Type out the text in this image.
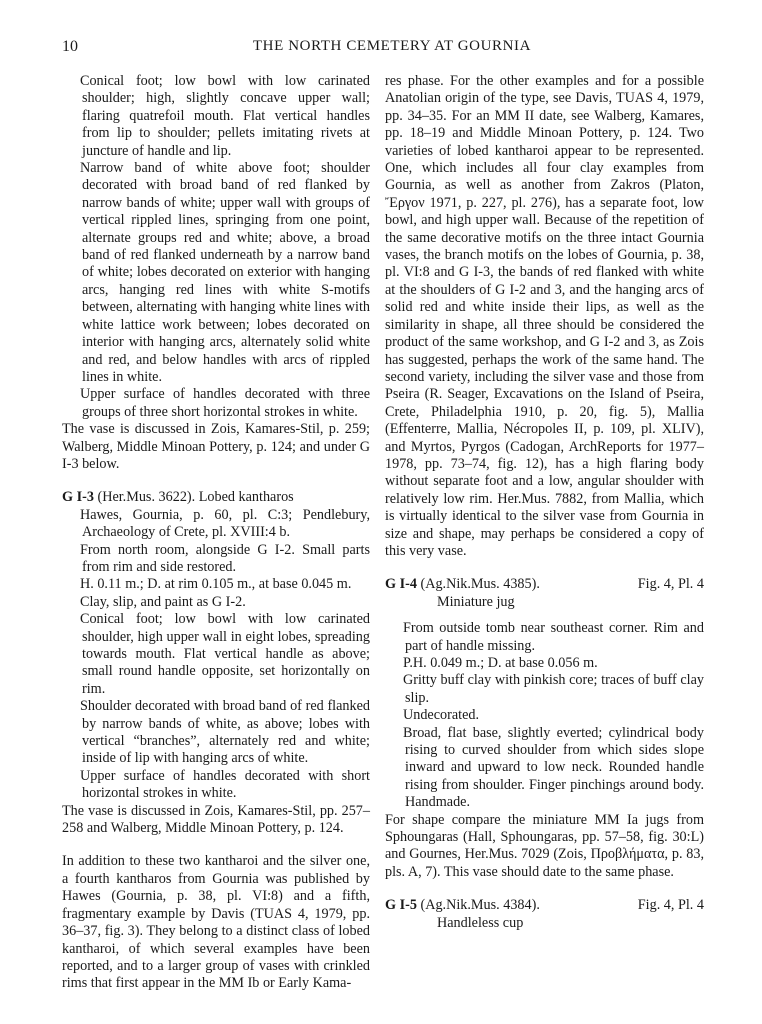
10	THE NORTH CEMETERY AT GOURNIA

Conical foot; low bowl with low carinated shoulder; high, slightly concave upper wall; flaring quatrefoil mouth. Flat vertical handles from lip to shoulder; pellets imitating rivets at juncture of handle and lip.

Narrow band of white above foot; shoulder decorated with broad band of red flanked by narrow bands of white; upper wall with groups of vertical rippled lines, springing from one point, alternate groups red and white; above, a broad band of red flanked underneath by a narrow band of white; lobes decorated on exterior with hanging arcs, hanging red lines with white S-motifs between, alternating with hanging white lines with white lattice work between; lobes decorated on interior with hanging arcs, alternately solid white and red, and below handles with arcs of rippled lines in white.

Upper surface of handles decorated with three groups of three short horizontal strokes in white.

The vase is discussed in Zois, Kamares-Stil, p. 259; Walberg, Middle Minoan Pottery, p. 124; and under G I-3 below.

G I-3 (Her.Mus. 3622). Lobed kantharos

Hawes, Gournia, p. 60, pl. C:3; Pendlebury, Archaeology of Crete, pl. XVIII:4 b.

From north room, alongside G I-2. Small parts from rim and side restored.

H. 0.11 m.; D. at rim 0.105 m., at base 0.045 m.

Clay, slip, and paint as G I-2.

Conical foot; low bowl with low carinated shoulder, high upper wall in eight lobes, spreading towards mouth. Flat vertical handle as above; small round handle opposite, set horizontally on rim.

Shoulder decorated with broad band of red flanked by narrow bands of white, as above; lobes with vertical “branches”, alternately red and white; inside of lip with hanging arcs of white.

Upper surface of handles decorated with short horizontal strokes in white.

The vase is discussed in Zois, Kamares-Stil, pp. 257–258 and Walberg, Middle Minoan Pottery, p. 124.

In addition to these two kantharoi and the silver one, a fourth kantharos from Gournia was published by Hawes (Gournia, p. 38, pl. VI:8) and a fifth, fragmentary example by Davis (TUAS 4, 1979, pp. 36–37, fig. 3). They belong to a distinct class of lobed kantharoi, of which several examples have been reported, and to a larger group of vases with crinkled rims that first appear in the MM Ib or Early Kama-

res phase. For the other examples and for a possible Anatolian origin of the type, see Davis, TUAS 4, 1979, pp. 34–35. For an MM II date, see Walberg, Kamares, pp. 18–19 and Middle Minoan Pottery, p. 124. Two varieties of lobed kantharoi appear to be represented. One, which includes all four clay examples from Gournia, as well as another from Zakros (Platon, Ἔργον 1971, p. 227, pl. 276), has a separate foot, low bowl, and high upper wall. Because of the repetition of the same decorative motifs on the three intact Gournia vases, the branch motifs on the lobes of Gournia, p. 38, pl. VI:8 and G I-3, the bands of red flanked with white at the shoulders of G I-2 and 3, and the hanging arcs of solid red and white inside their lips, as well as the similarity in shape, all three should be considered the product of the same workshop, and G I-2 and 3, as Zois has suggested, perhaps the work of the same hand. The second variety, including the silver vase and those from Pseira (R. Seager, Excavations on the Island of Pseira, Crete, Philadelphia 1910, p. 20, fig. 5), Mallia (Effenterre, Mallia, Nécropoles II, p. 109, pl. XLIV), and Myrtos, Pyrgos (Cadogan, ArchReports for 1977–1978, pp. 73–74, fig. 12), has a high flaring body without separate foot and a low, angular shoulder with relatively low rim. Her.Mus. 7882, from Mallia, which is virtually identical to the silver vase from Gournia in size and shape, may perhaps be considered a copy of this very vase.

G I-4 (Ag.Nik.Mus. 4385).	Fig. 4, Pl. 4

Miniature jug

From outside tomb near southeast corner. Rim and part of handle missing.

P.H. 0.049 m.; D. at base 0.056 m.

Gritty buff clay with pinkish core; traces of buff clay slip.

Undecorated.

Broad, flat base, slightly everted; cylindrical body rising to curved shoulder from which sides slope inward and upward to low neck. Rounded handle rising from shoulder. Finger pinchings around body. Handmade.

For shape compare the miniature MM Ia jugs from Sphoungaras (Hall, Sphoungaras, pp. 57–58, fig. 30:L) and Gournes, Her.Mus. 7029 (Zois, Προβλήματα, p. 83, pls. A, 7). This vase should date to the same phase.

G I-5 (Ag.Nik.Mus. 4384).	Fig. 4, Pl. 4

Handleless cup
